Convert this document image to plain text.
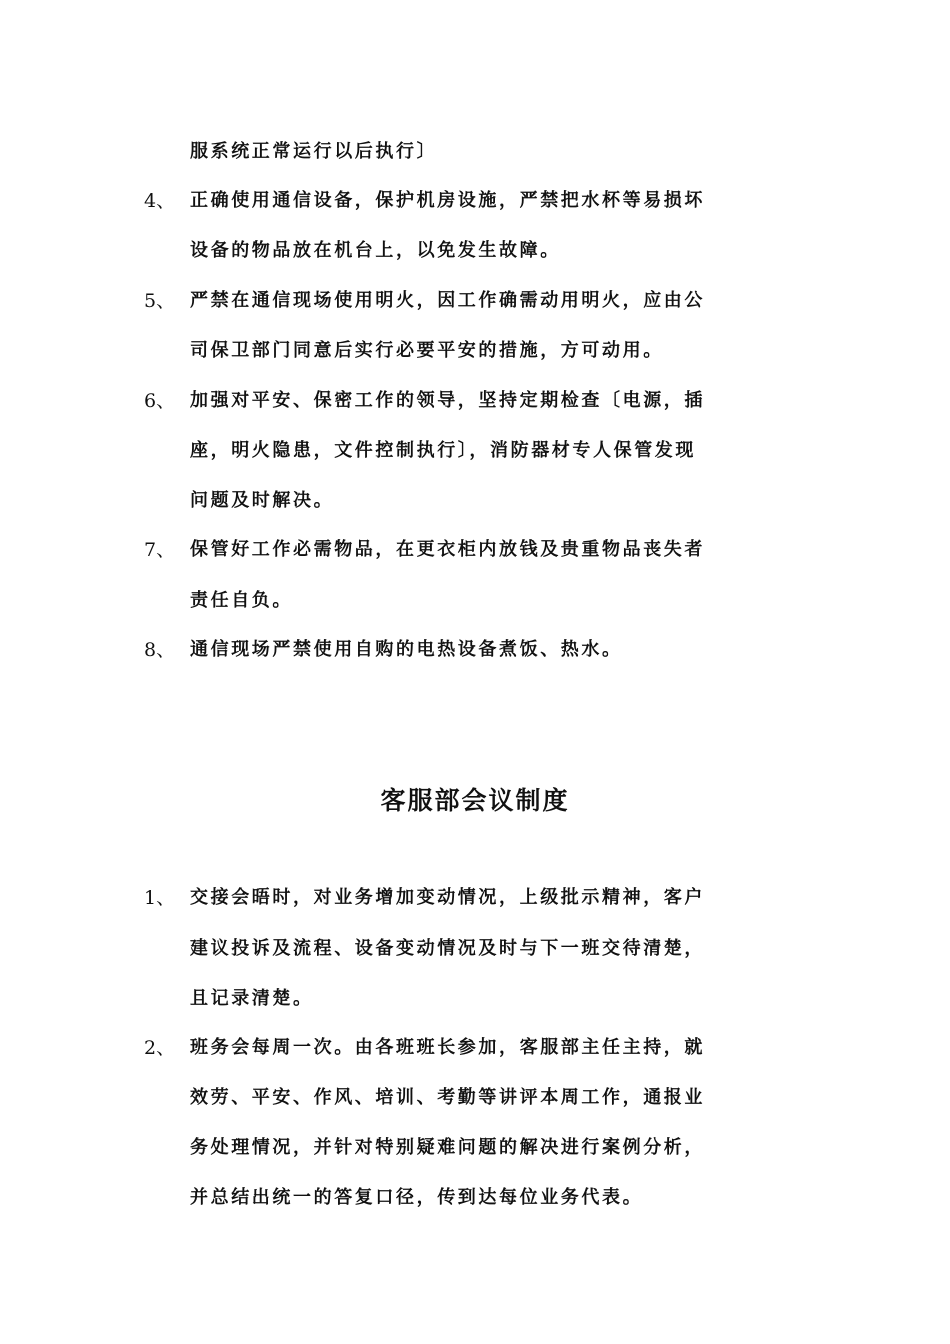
服系统正常运行以后执行〕
4、 正确使用通信设备，保护机房设施，严禁把水杯等易损坏
设备的物品放在机台上，以免发生故障。
5、 严禁在通信现场使用明火，因工作确需动用明火，应由公
司保卫部门同意后实行必要平安的措施，方可动用。
6、 加强对平安、保密工作的领导，坚持定期检查〔电源，插
座，明火隐患，文件控制执行〕，消防器材专人保管发现
问题及时解决。
7、 保管好工作必需物品，在更衣柜内放钱及贵重物品丧失者
责任自负。
8、 通信现场严禁使用自购的电热设备煮饭、热水。
客服部会议制度
1、 交接会晤时，对业务增加变动情况，上级批示精神，客户
建议投诉及流程、设备变动情况及时与下一班交待清楚，
且记录清楚。
2、 班务会每周一次。由各班班长参加，客服部主任主持，就
效劳、平安、作风、培训、考勤等讲评本周工作，通报业
务处理情况，并针对特别疑难问题的解决进行案例分析，
并总结出统一的答复口径，传到达每位业务代表。
